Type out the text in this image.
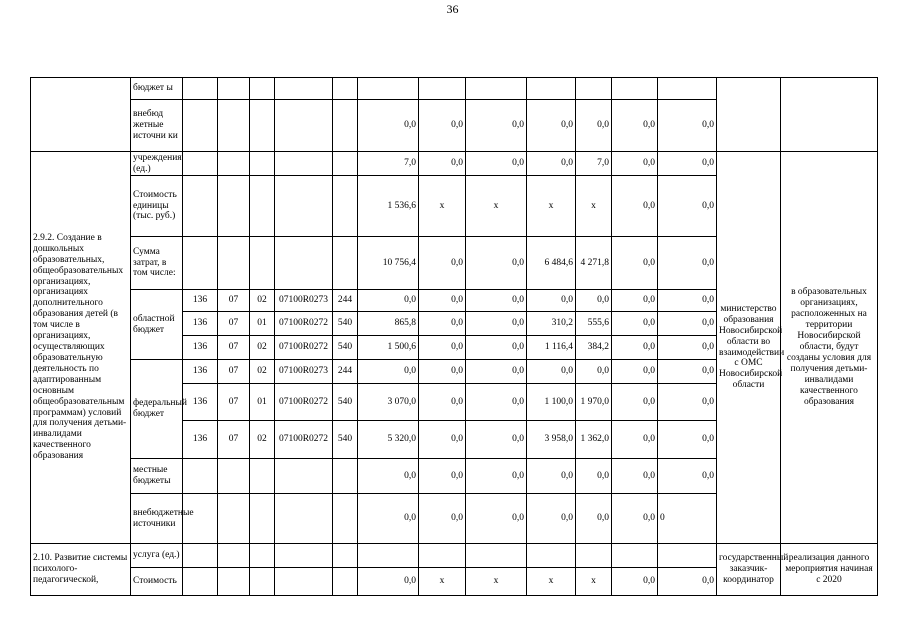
36
	бюджет ы														
	внебюд жетные источни ки						0,0	0,0	0,0	0,0	0,0	0,0	0,0		
2.9.2. Создание в дошкольных образовательных, общеобразовательных организациях, организациях дополнительного образования детей (в том числе в организациях, осуществляющих образовательную деятельность по адаптированным основным общеобразовательным программам) условий для получения детьми-инвалидами качественного образования	учреждения (ед.)						7,0	0,0	0,0	0,0	7,0	0,0	0,0	министерство образования Новосибирской области во взаимодействии с ОМС Новосибирской области	в образовательных организациях, расположенных на территории Новосибирской области, будут созданы условия для получения детьми-инвалидами качественного образования
	Стоимость единицы (тыс. руб.)						1 536,6	x	x	x	x	0,0	0,0		
	Сумма затрат, в том числе:						10 756,4	0,0	0,0	6 484,6	4 271,8	0,0	0,0		
	областной бюджет	136	07	02	07100R0273	244	0,0	0,0	0,0	0,0	0,0	0,0	0,0		
		136	07	01	07100R0272	540	865,8	0,0	0,0	310,2	555,6	0,0	0,0		
		136	07	02	07100R0272	540	1 500,6	0,0	0,0	1 116,4	384,2	0,0	0,0		
	федеральный бюджет	136	07	02	07100R0273	244	0,0	0,0	0,0	0,0	0,0	0,0	0,0		
		136	07	01	07100R0272	540	3 070,0	0,0	0,0	1 100,0	1 970,0	0,0	0,0		
		136	07	02	07100R0272	540	5 320,0	0,0	0,0	3 958,0	1 362,0	0,0	0,0		
	местные бюджеты						0,0	0,0	0,0	0,0	0,0	0,0	0,0		
	внебюджетные источники						0,0	0,0	0,0	0,0	0,0	0,0	0		
2.10. Развитие системы психолого-педагогической,	услуга (ед.)													государственный заказчик-координатор	реализация данного мероприятия начиная с 2020
	Стоимость						0,0	x	x	x	x	0,0	0,0		
